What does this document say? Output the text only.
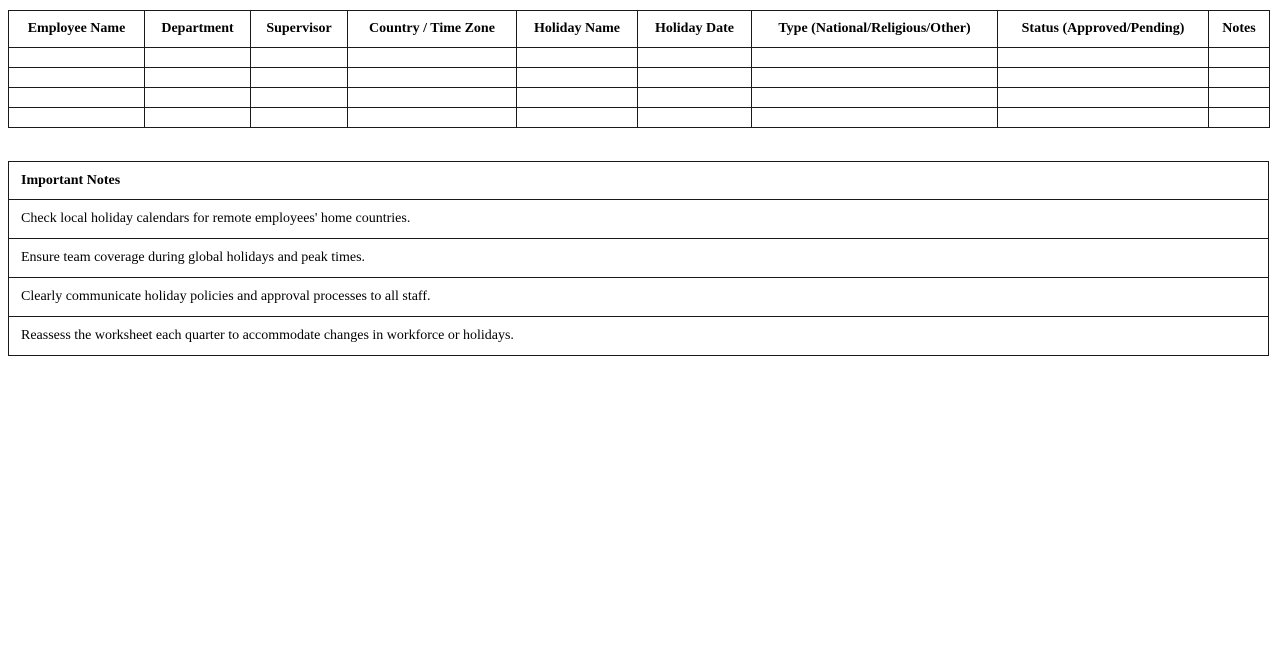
Employee Name	Department	Supervisor	Country / Time Zone	Holiday Name	Holiday Date	Type (National/Religious/Other)	Status (Approved/Pending)	Notes

Important Notes
Check local holiday calendars for remote employees' home countries.
Ensure team coverage during global holidays and peak times.
Clearly communicate holiday policies and approval processes to all staff.
Reassess the worksheet each quarter to accommodate changes in workforce or holidays.
